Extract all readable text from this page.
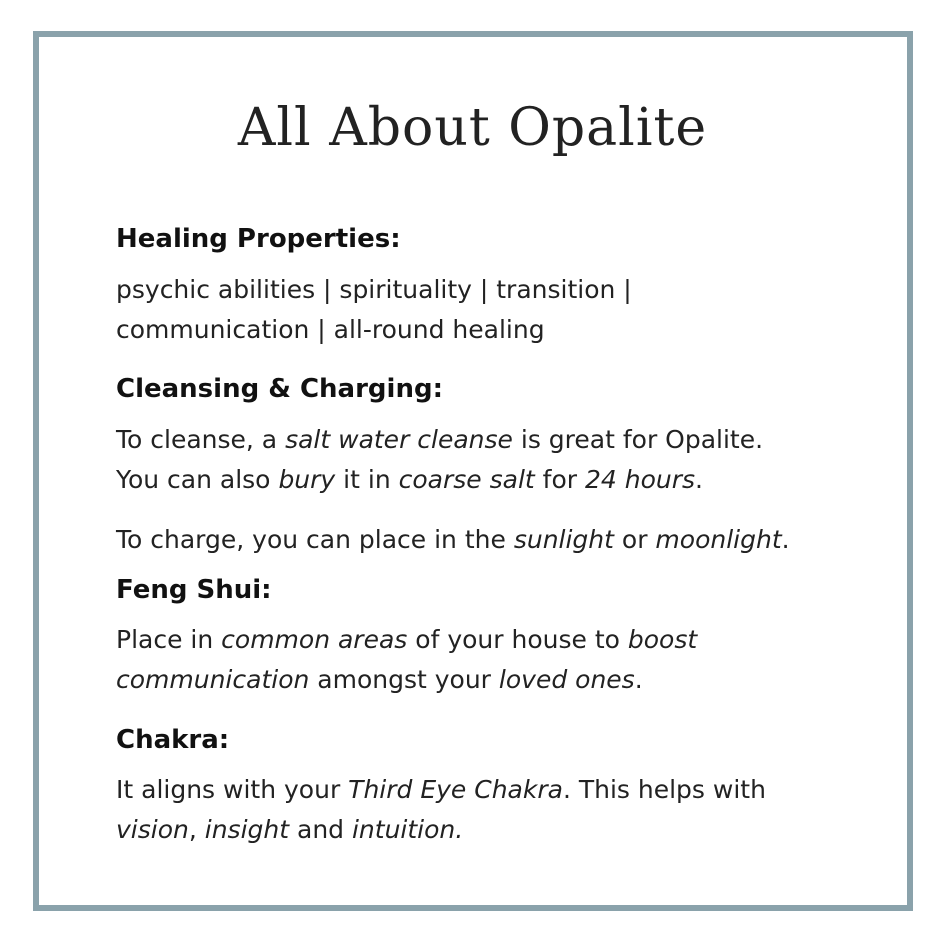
All About Opalite
Healing Properties:

psychic abilities | spirituality | transition |
communication | all-round healing

Cleansing & Charging:

To cleanse, a salt water cleanse is great for Opalite.
You can also bury it in coarse salt for 24 hours.

To charge, you can place in the sunlight or moonlight.

Feng Shui:

Place in common areas of your house to boost
communication amongst your loved ones.

Chakra:

It aligns with your Third Eye Chakra. This helps with
vision, insight and intuition.
